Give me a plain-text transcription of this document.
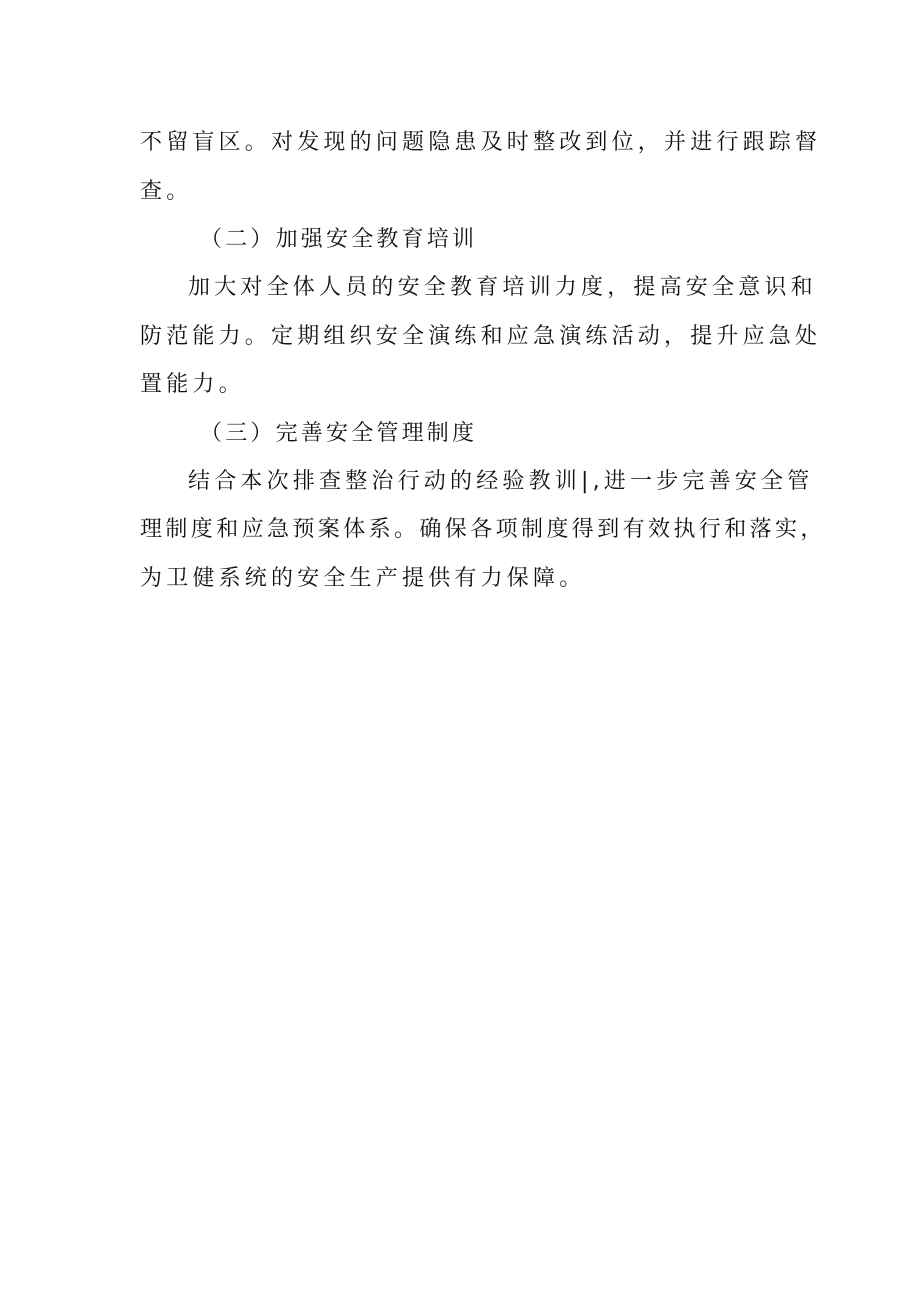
不留盲区。对发现的问题隐患及时整改到位，并进行跟踪督
查。
（二）加强安全教育培训
加大对全体人员的安全教育培训力度，提高安全意识和
防范能力。定期组织安全演练和应急演练活动，提升应急处
置能力。
（三）完善安全管理制度
结合本次排查整治行动的经验教训|,进一步完善安全管
理制度和应急预案体系。确保各项制度得到有效执行和落实，
为卫健系统的安全生产提供有力保障。
